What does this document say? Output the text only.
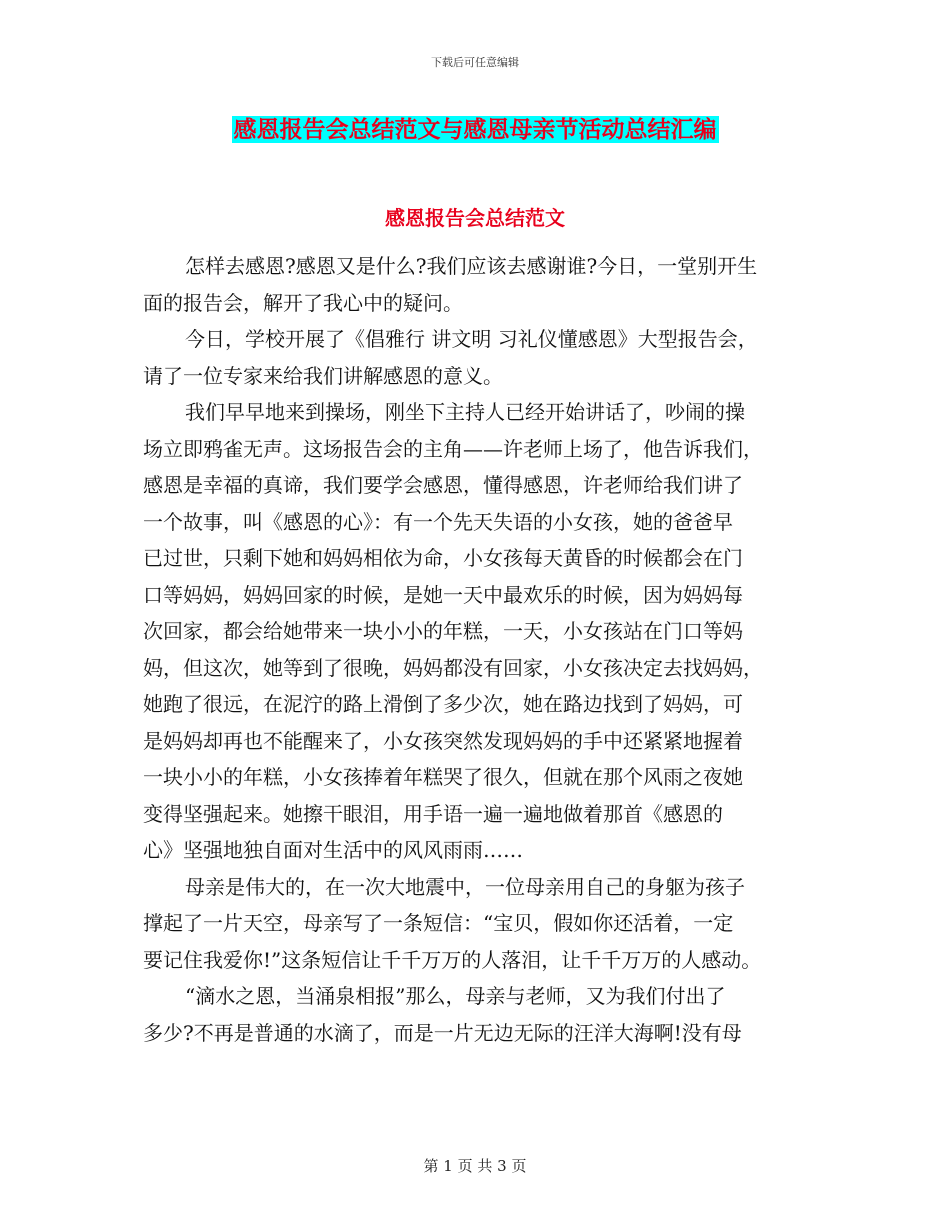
下载后可任意编辑
感恩报告会总结范文与感恩母亲节活动总结汇编
感恩报告会总结范文
怎样去感恩?感恩又是什么?我们应该去感谢谁?今日，一堂别开生
面的报告会，解开了我心中的疑问。
今日，学校开展了《倡雅行 讲文明 习礼仪懂感恩》大型报告会，
请了一位专家来给我们讲解感恩的意义。
我们早早地来到操场，刚坐下主持人已经开始讲话了，吵闹的操
场立即鸦雀无声。这场报告会的主角——许老师上场了，他告诉我们，
感恩是幸福的真谛，我们要学会感恩，懂得感恩，许老师给我们讲了
一个故事，叫《感恩的心》：有一个先天失语的小女孩，她的爸爸早
已过世，只剩下她和妈妈相依为命，小女孩每天黄昏的时候都会在门
口等妈妈，妈妈回家的时候，是她一天中最欢乐的时候，因为妈妈每
次回家，都会给她带来一块小小的年糕，一天，小女孩站在门口等妈
妈，但这次，她等到了很晚，妈妈都没有回家，小女孩决定去找妈妈，
她跑了很远，在泥泞的路上滑倒了多少次，她在路边找到了妈妈，可
是妈妈却再也不能醒来了，小女孩突然发现妈妈的手中还紧紧地握着
一块小小的年糕，小女孩捧着年糕哭了很久，但就在那个风雨之夜她
变得坚强起来。她擦干眼泪，用手语一遍一遍地做着那首《感恩的
心》坚强地独自面对生活中的风风雨雨……
母亲是伟大的，在一次大地震中，一位母亲用自己的身躯为孩子
撑起了一片天空，母亲写了一条短信：“宝贝，假如你还活着，一定
要记住我爱你!”这条短信让千千万万的人落泪，让千千万万的人感动。
“滴水之恩，当涌泉相报”那么，母亲与老师，又为我们付出了
多少?不再是普通的水滴了，而是一片无边无际的汪洋大海啊!没有母
第 1 页 共 3 页
